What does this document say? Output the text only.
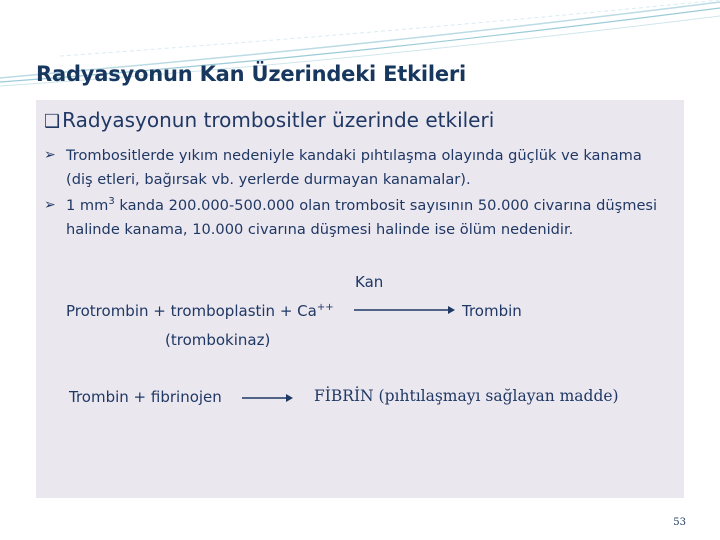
Radyasyonun Kan Üzerindeki Etkileri
❑ Radyasyonun trombositler üzerinde etkileri
➢ Trombositlerde yıkım nedeniyle kandaki pıhtılaşma olayında güçlük ve kanama (diş etleri, bağırsak vb. yerlerde durmayan kanamalar).
➢ 1 $mm^3$ kanda 200.000-500.000 olan trombosit sayısının 50.000 civarına düşmesi halinde kanama, 10.000 civarına düşmesi halinde ise ölüm nedenidir.
Kan
Protrombin + tromboplastin + Ca++	Trombin
(trombokinaz)
Trombin + fibrinojen → FİBRİN (pıhtılaşmayı sağlayan madde)
53
